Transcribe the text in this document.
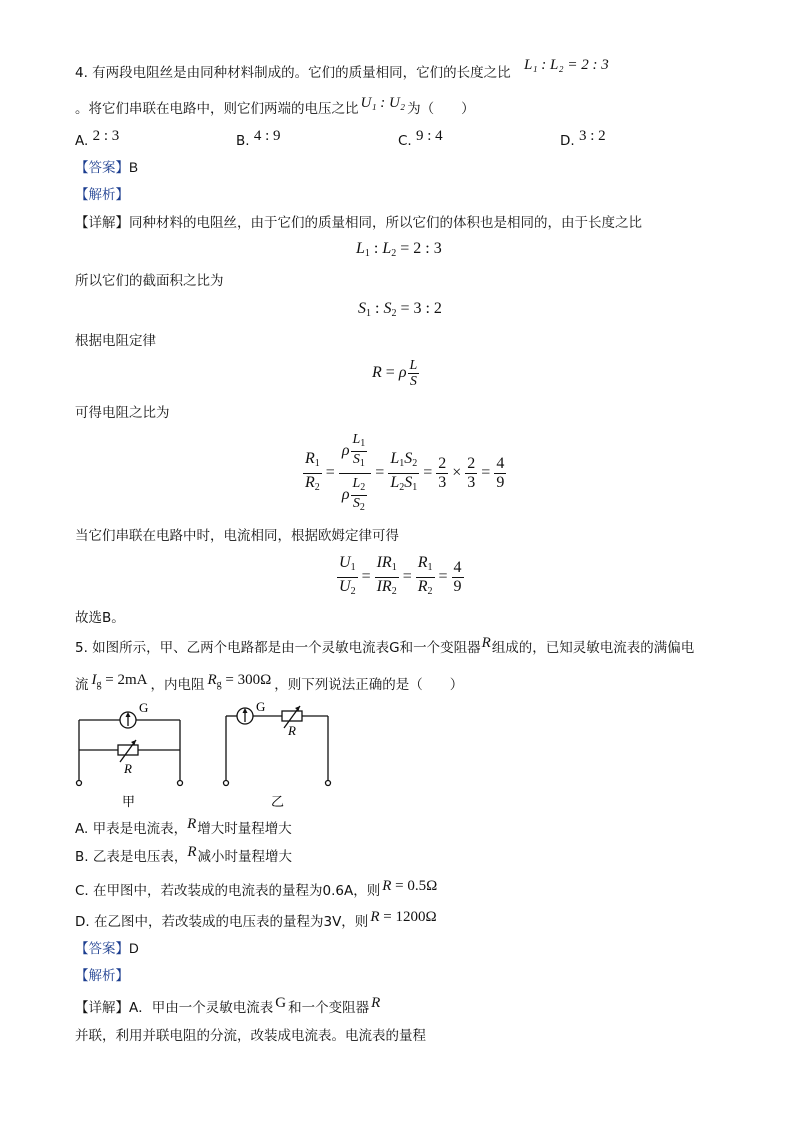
4. 有两段电阻丝是由同种材料制成的。它们的质量相同，它们的长度之比 L₁ : L₂ = 2 : 3
。将它们串联在电路中，则它们两端的电压之比 U₁ : U₂ 为（　　）
A. 2 : 3	B. 4 : 9	C. 9 : 4	D. 3 : 2
【答案】B
【解析】
【详解】同种材料的电阻丝，由于它们的质量相同，所以它们的体积也是相同的，由于长度之比
$L_1$ : $L_2 = 2$ : 3
所以它们的截面积之比为
$S_1$ : $S_2 = 3$ : 2
根据电阻定律
R = ρ $\frac{L}{S}$
可得电阻之比为
$\frac{R_1}{R_2} = \frac{\rho \frac{L_1}{S_1}}{\rho \frac{L_2}{S_2}} = \frac{L_1S_2}{L_2S_1} = \frac{2}{3} \times \frac{2}{3} = \frac{4}{9}$
当它们串联在电路中时，电流相同，根据欧姆定律可得
$\frac{U_1}{U_2} = \frac{IR_1}{IR_2} = \frac{R_1}{R_2} = \frac{4}{9}$
故选B。
5. 如图所示，甲、乙两个电路都是由一个灵敏电流表G和一个变阻器R组成的，已知灵敏电流表的满偏电
流 $I_g = 2mA$ ，内电阻 $R_g = 300\Omega$ ，则下列说法正确的是（　　）
G
R
甲
G
R
乙
A. 甲表是电流表，R增大时量程增大
B. 乙表是电压表，R减小时量程增大
C. 在甲图中，若改装成的电流表的量程为0.6A，则 R = 0.5Ω
D. 在乙图中，若改装成的电压表的量程为3V，则 R = 1200Ω
【答案】D
【解析】
【详解】A．甲由一个灵敏电流表 G 和一个变阻器 R
并联，利用并联电阻的分流，改装成电流表。电流表的量程
